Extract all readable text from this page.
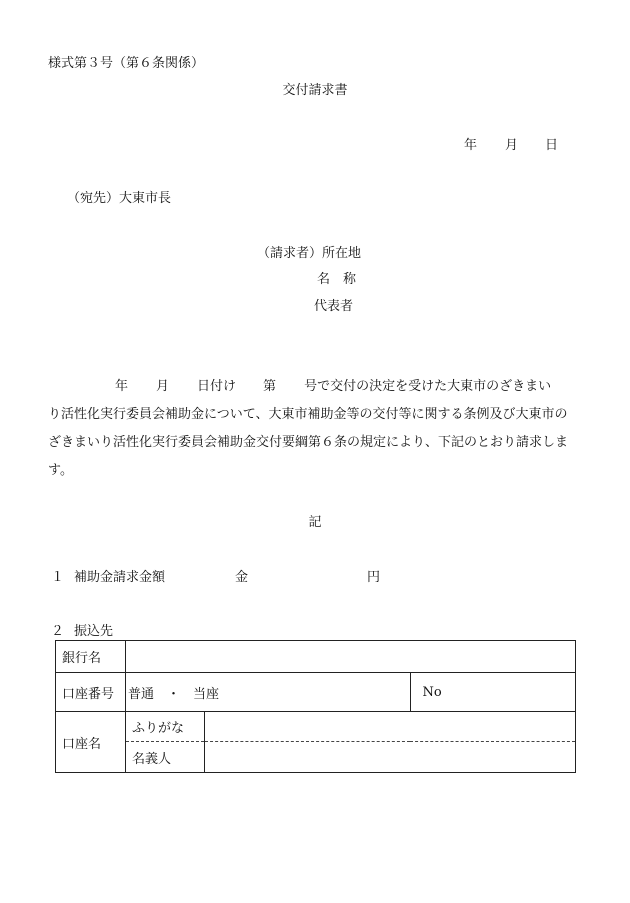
様式第３号（第６条関係）
交付請求書
年 月 日
（宛先）大東市長
（請求者）所在地
名　称
代表者
年 月 日付け 第 号で交付の決定を受けた大東市のざきまい
り活性化実行委員会補助金について、大東市補助金等の交付等に関する条例及び大東市の
ざきまいり活性化実行委員会補助金交付要綱第６条の規定により、下記のとおり請求しま
す。
記
１ 補助金請求金額	金	円
２ 振込先
銀行名			
口座番号	普通　・　当座		No
口座名	ふりがな		
	名義人		
